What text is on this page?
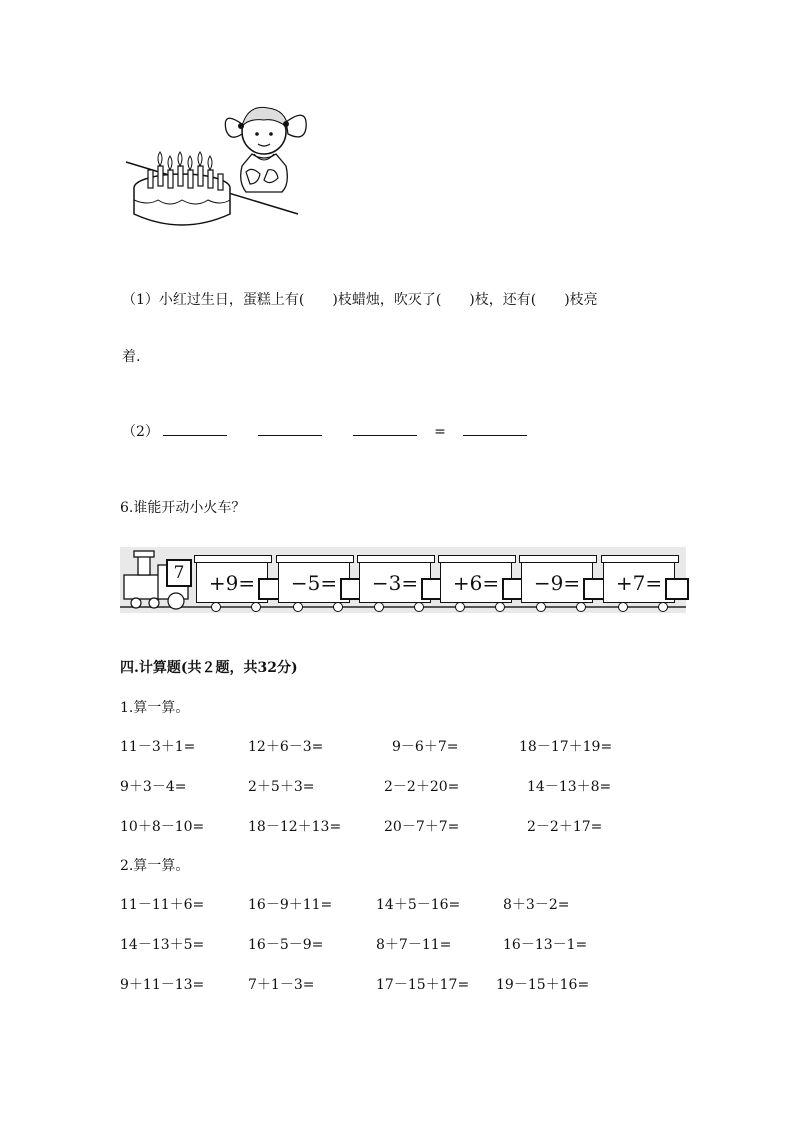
（1）小红过生日，蛋糕上有(　　)枝蜡烛，吹灭了(　　)枝，还有(　　)枝亮
着.
（2）	=
6.谁能开动小火车？
7	+9=	−5=	−3=	+6=	−9=	+7=
四.计算题(共２题，共32分)
1.算一算。
11－3＋1=	12＋6－3=	9－6＋7=	18－17＋19=
9＋3－4=	2＋5＋3=	2－2＋20=	14－13＋8=
10＋8－10=	18－12＋13=	20－7＋7=	2－2＋17=
2.算一算。
11－11＋6=	16－9＋11=	14＋5－16=	8＋3－2=
14－13＋5=	16－5－9=	8＋7－11=	16－13－1=
9＋11－13=	7＋1－3=	17－15＋17= 19－15＋16=
